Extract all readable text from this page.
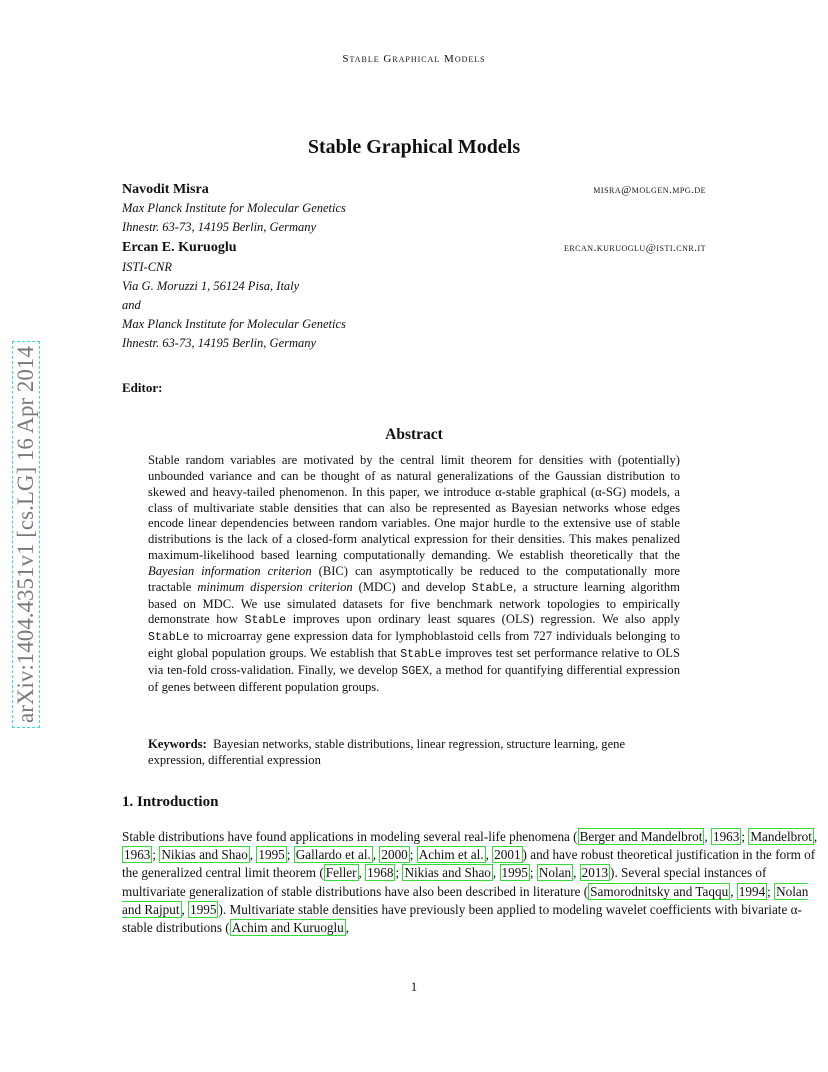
arXiv:1404.4351v1 [cs.LG] 16 Apr 2014
Stable Graphical Models
Stable Graphical Models
Navodit Misra	misra@molgen.mpg.de
Max Planck Institute for Molecular Genetics
Ihnestr. 63-73, 14195 Berlin, Germany
Ercan E. Kuruoglu	ercan.kuruoglu@isti.cnr.it
ISTI-CNR
Via G. Moruzzi 1, 56124 Pisa, Italy
and
Max Planck Institute for Molecular Genetics
Ihnestr. 63-73, 14195 Berlin, Germany
Editor:
Abstract
Stable random variables are motivated by the central limit theorem for densities with (potentially) unbounded variance and can be thought of as natural generalizations of the Gaussian distribution to skewed and heavy-tailed phenomenon. In this paper, we introduce α-stable graphical (α-SG) models, a class of multivariate stable densities that can also be represented as Bayesian networks whose edges encode linear dependencies between random variables. One major hurdle to the extensive use of stable distributions is the lack of a closed-form analytical expression for their densities. This makes penalized maximum-likelihood based learning computationally demanding. We establish theoretically that the Bayesian information criterion (BIC) can asymptotically be reduced to the computationally more tractable minimum dispersion criterion (MDC) and develop StabLe, a structure learning algorithm based on MDC. We use simulated datasets for five benchmark network topologies to empirically demonstrate how StabLe improves upon ordinary least squares (OLS) regression. We also apply StabLe to microarray gene expression data for lymphoblastoid cells from 727 individuals belonging to eight global population groups. We establish that StabLe improves test set performance relative to OLS via ten-fold cross-validation. Finally, we develop SGEX, a method for quantifying differential expression of genes between different population groups.
Keywords: Bayesian networks, stable distributions, linear regression, structure learning, gene expression, differential expression
1. Introduction
Stable distributions have found applications in modeling several real-life phenomena ( Berger and Mandelbrot , 1963 ; Mandelbrot , 1963 ; Nikias and Shao , 1995 ; Gallardo et al. , 2000 ; Achim et al. , 2001 ) and have robust theoretical justification in the form of the generalized central limit theorem ( Feller , 1968 ; Nikias and Shao , 1995 ; Nolan , 2013 ). Several special instances of multivariate generalization of stable distributions have also been described in literature ( Samorodnitsky and Taqqu , 1994 ; Nolan and Rajput , 1995 ). Multivariate stable densities have previously been applied to modeling wavelet coefficients with bivariate α-stable distributions ( Achim and Kuruoglu ,
1
